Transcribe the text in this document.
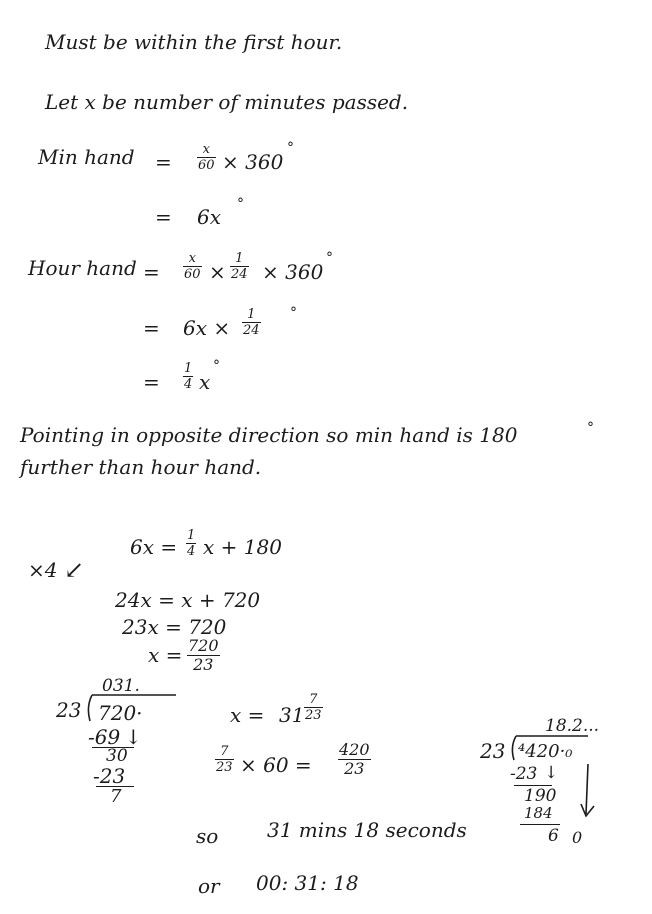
Must be within the first hour.
Let x be number of minutes passed.
Min hand =
x
60 × 360
°
= 6x
°
Hour hand =
x
60 ×
1
24 × 360
°
= 6x ×
1
24
°
=
1
4 x
°
Pointing in opposite direction so min hand is 180	°
further than hour hand.
6x = 1
4 x + 180
×4 ↙
24x = x + 720
23x = 720
x = 720
23
031.
23 720·
-69 ↓
30
-23
7
x = 31
7
23
7
23 × 60 =
420
23
18.2...
23 ⁴420·₀
-23 ↓
190
184
6 0
so 31 mins 18 seconds
or 00: 31: 18
